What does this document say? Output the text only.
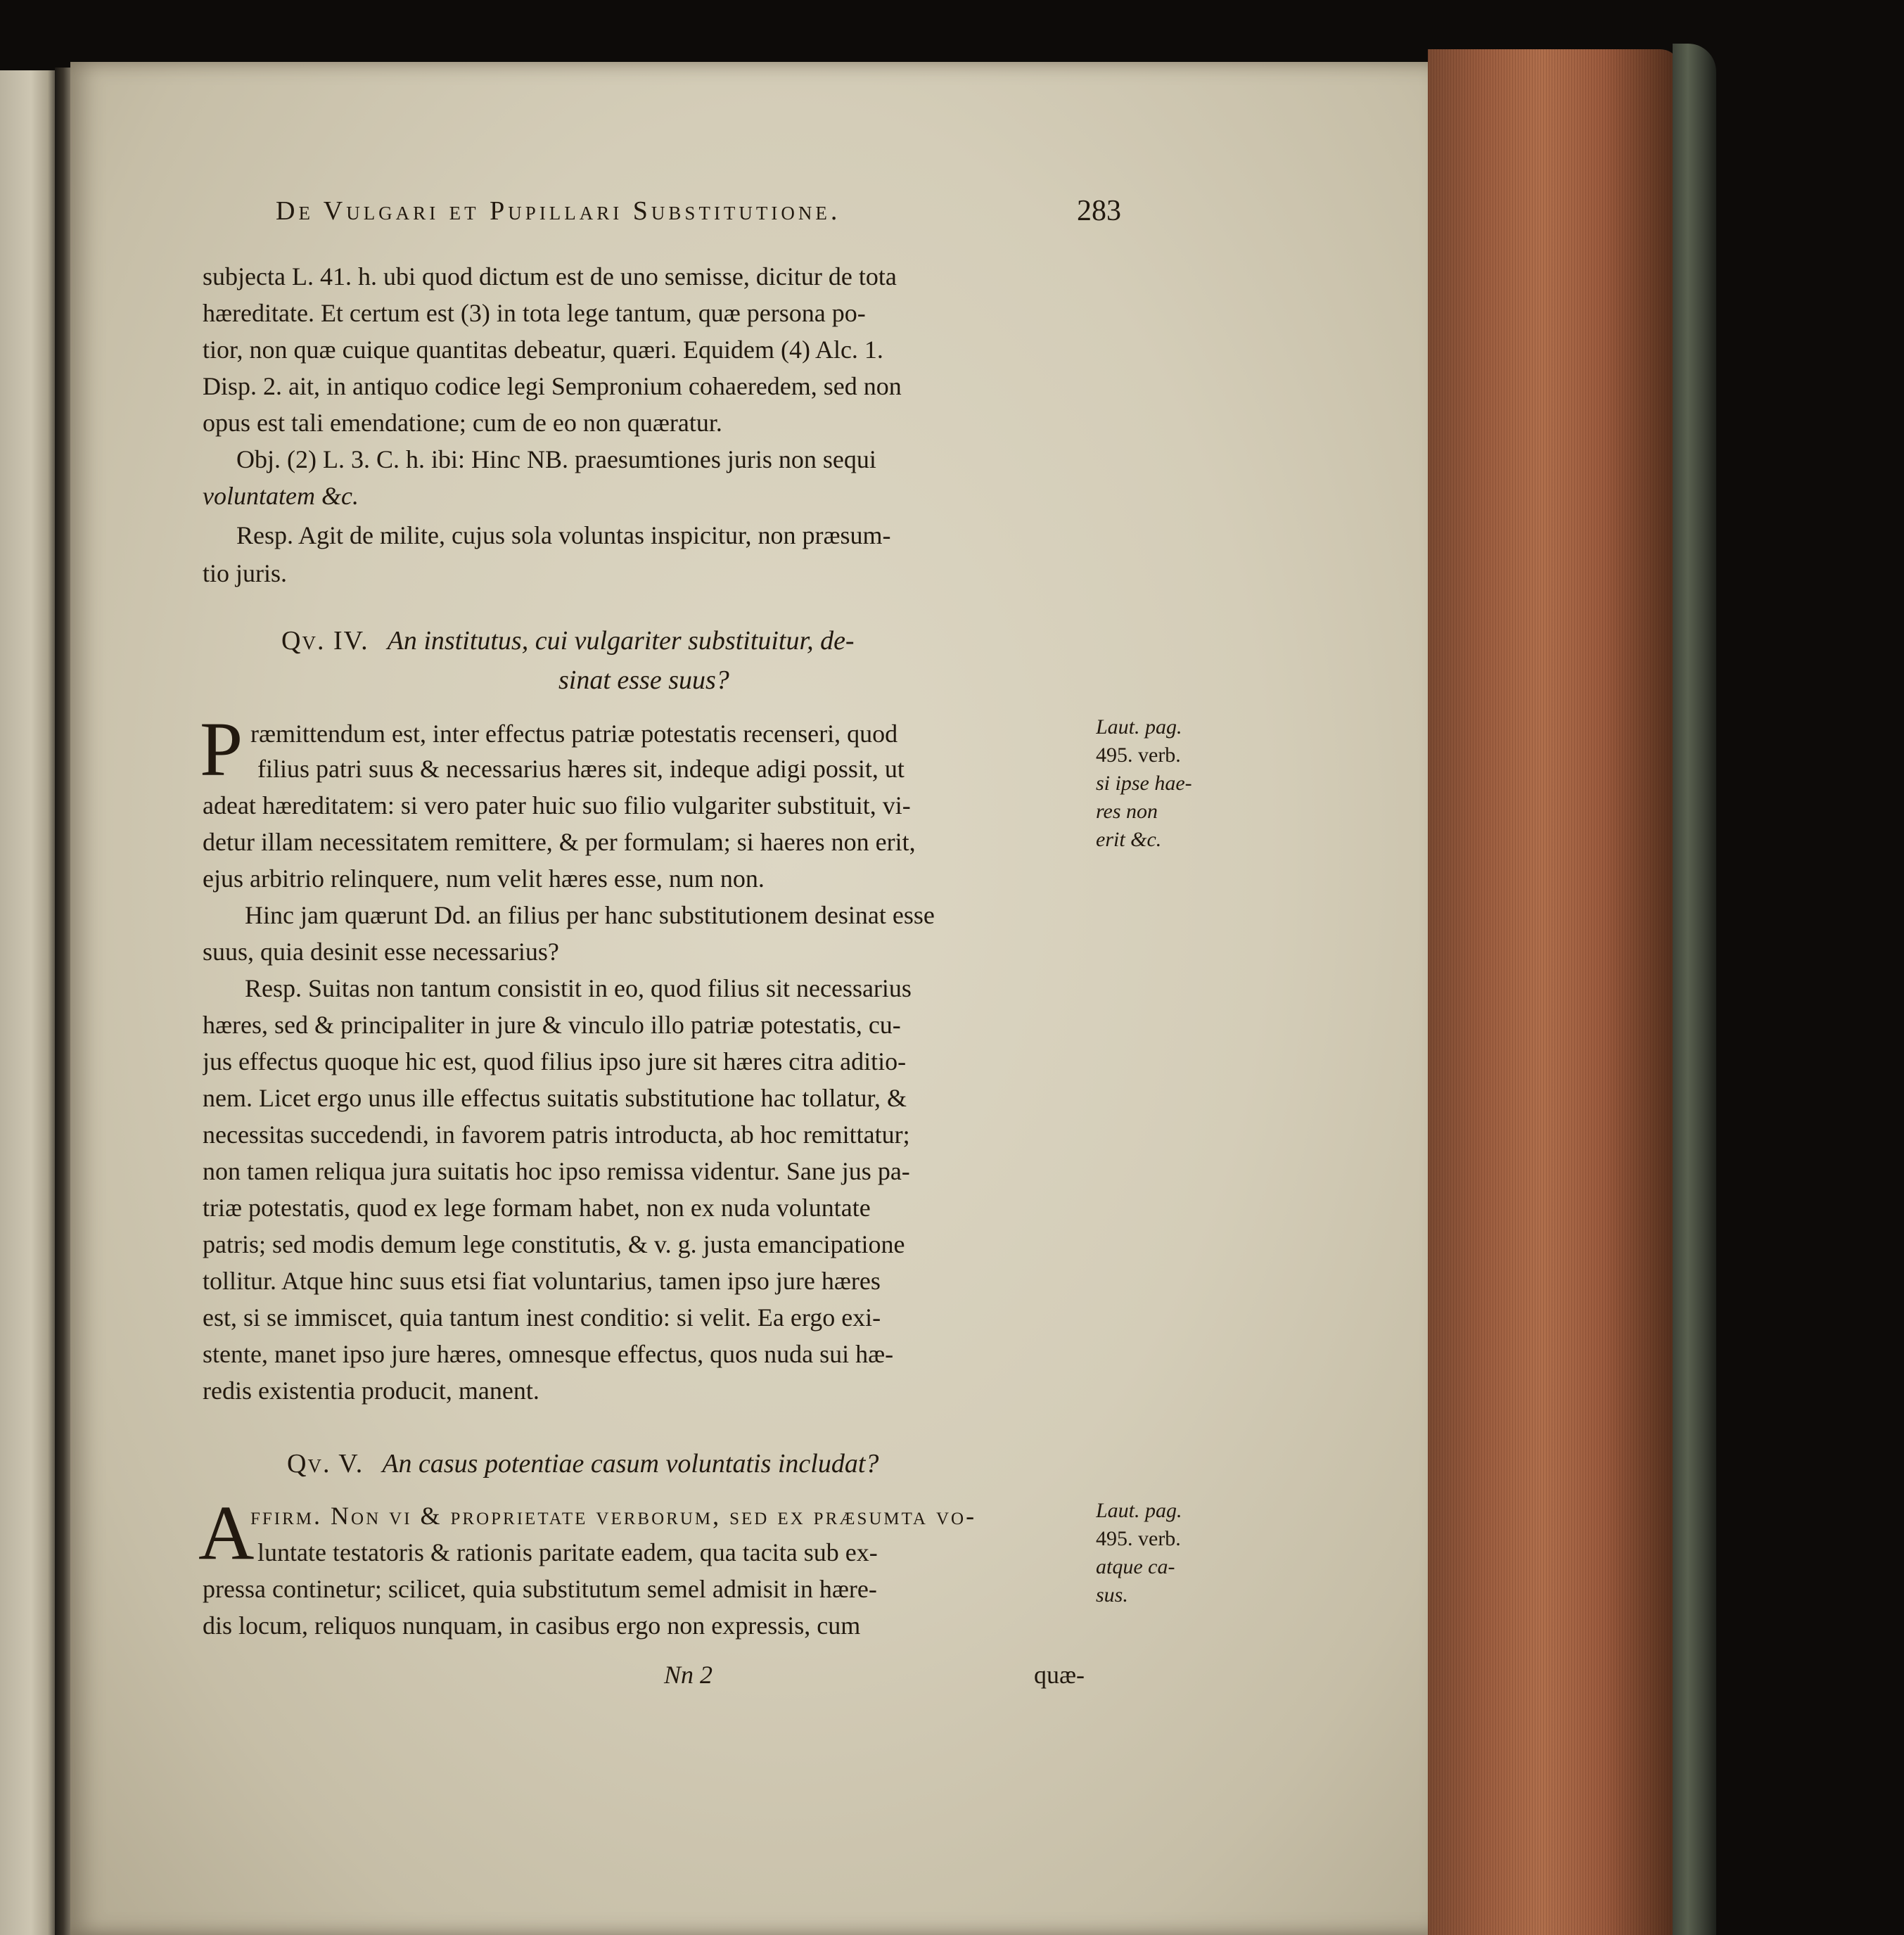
De Vulgari et Pupillari Substitutione.	283
subjecta L. 41. h. ubi quod dictum est de uno semisse, dicitur de tota
hæreditate. Et certum est (3) in tota lege tantum, quæ persona po-
tior, non quæ cuique quantitas debeatur, quæri. Equidem (4) Alc. 1.
Disp. 2. ait, in antiquo codice legi Sempronium cohaeredem, sed non
opus est tali emendatione; cum de eo non quæratur.
Obj. (2) L. 3. C. h. ibi: Hinc NB. praesumtiones juris non sequi
voluntatem &c.
Resp. Agit de milite, cujus sola voluntas inspicitur, non præsum-
tio juris.
Qv. IV. An institutus, cui vulgariter substituitur, de-
sinat esse suus?
P ræmittendum est, inter effectus patriæ potestatis recenseri, quod
filius patri suus & necessarius hæres sit, indeque adigi possit, ut
adeat hæreditatem: si vero pater huic suo filio vulgariter substituit, vi-
detur illam necessitatem remittere, & per formulam; si haeres non erit,
ejus arbitrio relinquere, num velit hæres esse, num non.
Hinc jam quærunt Dd. an filius per hanc substitutionem desinat esse
suus, quia desinit esse necessarius?
Resp. Suitas non tantum consistit in eo, quod filius sit necessarius
hæres, sed & principaliter in jure & vinculo illo patriæ potestatis, cu-
jus effectus quoque hic est, quod filius ipso jure sit hæres citra aditio-
nem. Licet ergo unus ille effectus suitatis substitutione hac tollatur, &
necessitas succedendi, in favorem patris introducta, ab hoc remittatur;
non tamen reliqua jura suitatis hoc ipso remissa videntur. Sane jus pa-
triæ potestatis, quod ex lege formam habet, non ex nuda voluntate
patris; sed modis demum lege constitutis, & v. g. justa emancipatione
tollitur. Atque hinc suus etsi fiat voluntarius, tamen ipso jure hæres
est, si se immiscet, quia tantum inest conditio: si velit. Ea ergo exi-
stente, manet ipso jure hæres, omnesque effectus, quos nuda sui hæ-
redis existentia producit, manent.
Laut. pag.
495. verb.
si ipse hae-
res non
erit &c.
Qv. V. An casus potentiae casum voluntatis includat?
A
ffirm. Non vi & proprietate verborum, sed ex præsumta vo-
luntate testatoris & rationis paritate eadem, qua tacita sub ex-
pressa continetur; scilicet, quia substitutum semel admisit in hære-
dis locum, reliquos nunquam, in casibus ergo non expressis, cum
Laut. pag.
495. verb.
atque ca-
sus.
Nn 2	quæ-
